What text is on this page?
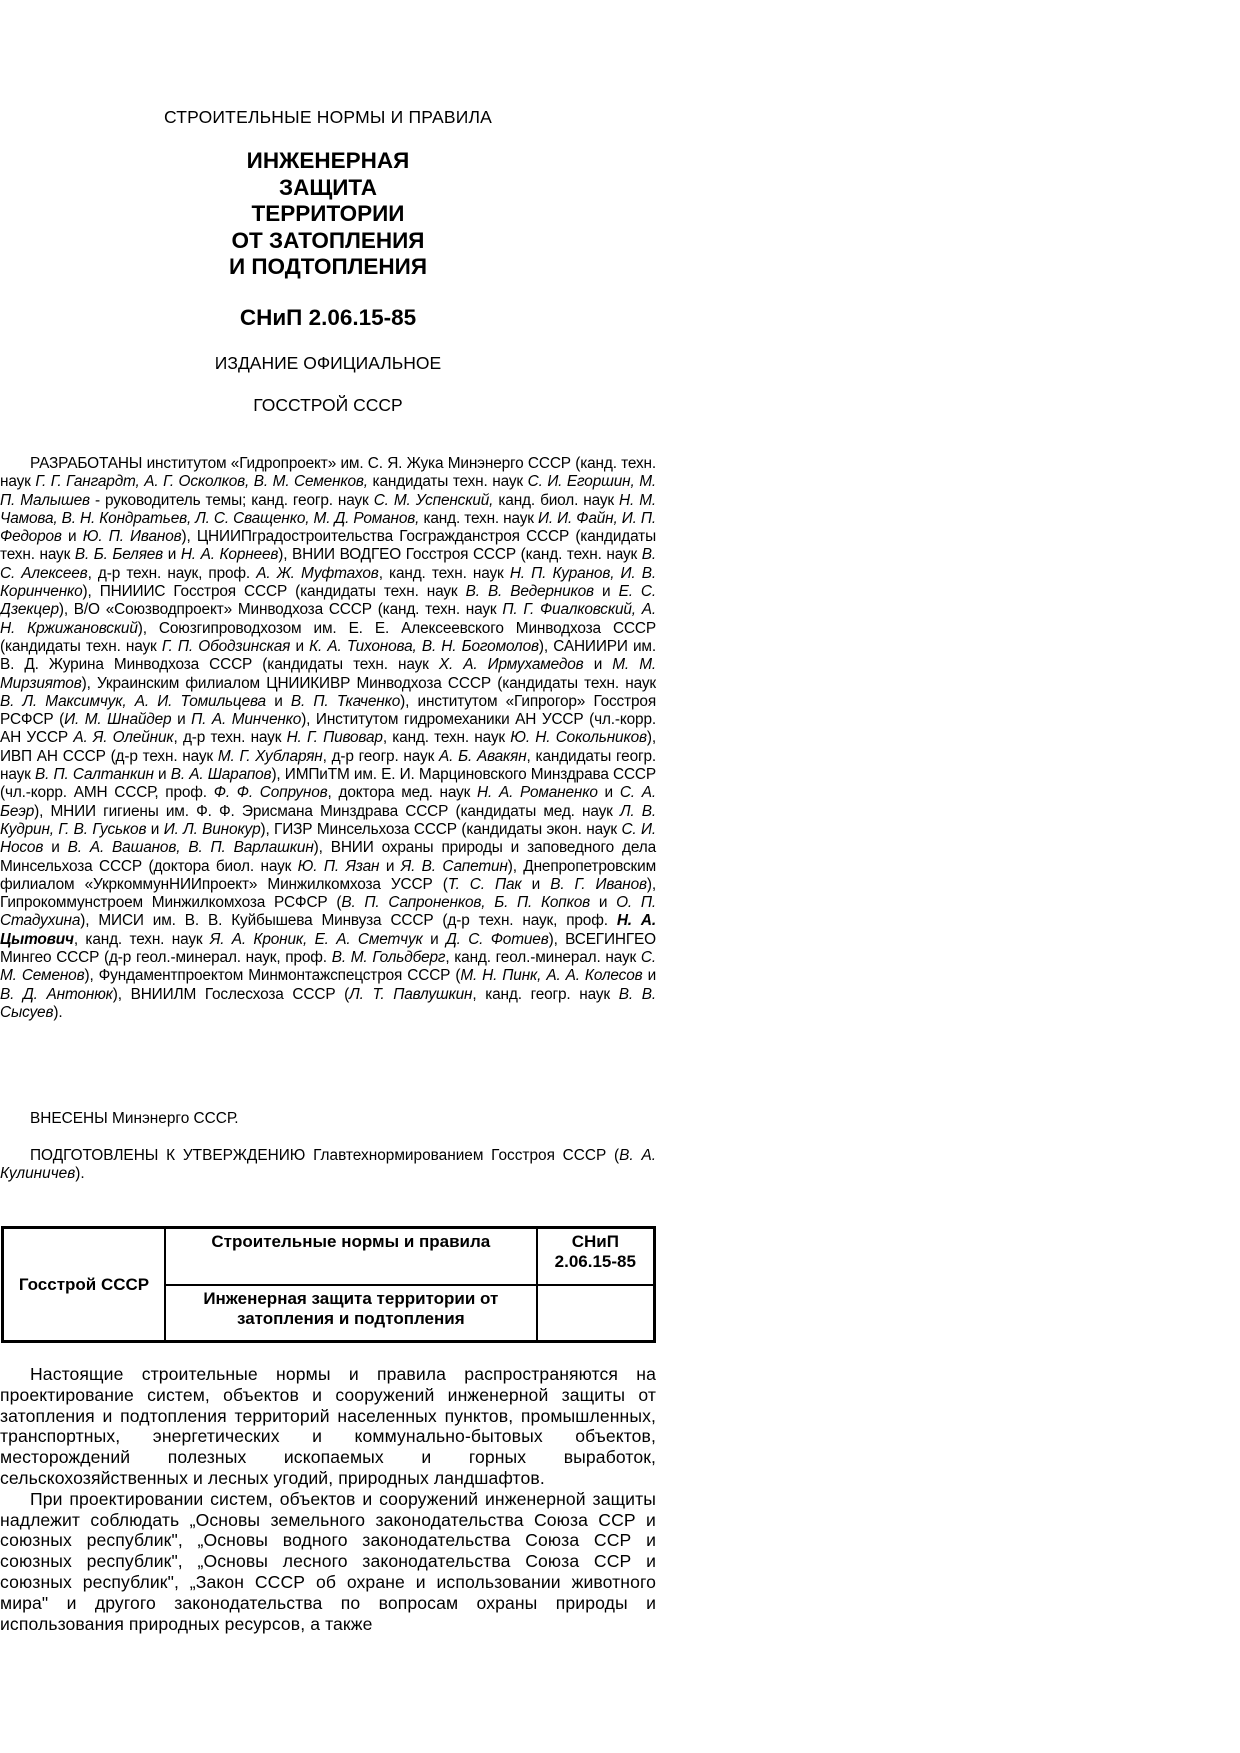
СТРОИТЕЛЬНЫЕ НОРМЫ И ПРАВИЛА
ИНЖЕНЕРНАЯ
ЗАЩИТА
ТЕРРИТОРИИ
ОТ ЗАТОПЛЕНИЯ
И ПОДТОПЛЕНИЯ
СНиП 2.06.15-85
ИЗДАНИЕ ОФИЦИАЛЬНОЕ
ГОССТРОЙ СССР

РАЗРАБОТАНЫ институтом «Гидропроект» им. С. Я. Жука Минэнерго СССР (канд. техн. наук Г. Г. Гангардт, А. Г. Осколков, В. М. Семенков, кандидаты техн. наук С. И. Егоршин, М. П. Малышев - руководитель темы; канд. геогр. наук С. М. Успенский, канд. биол. наук Н. М. Чамова, В. Н. Кондратьев, Л. С. Сващенко, М. Д. Романов, канд. техн. наук И. И. Файн, И. П. Федоров и Ю. П. Иванов), ЦНИИПградостроительства Госгражданстроя СССР (кандидаты техн. наук В. Б. Беляев и Н. А. Корнеев), ВНИИ ВОДГЕО Госстроя СССР (канд. техн. наук В. С. Алексеев, д-р техн. наук, проф. А. Ж. Муфтахов, канд. техн. наук Н. П. Куранов, И. В. Коринченко), ПНИИИС Госстроя СССР (кандидаты техн. наук В. В. Ведерников и Е. С. Дзекцер), В/О «Союзводпроект» Минводхоза СССР (канд. техн. наук П. Г. Фиалковский, А. Н. Кржижановский), Союзгипроводхозом им. Е. Е. Алексеевского Минводхоза СССР (кандидаты техн. наук Г. П. Ободзинская и К. А. Тихонова, В. Н. Богомолов), САНИИРИ им. В. Д. Журина Минводхоза СССР (кандидаты техн. наук Х. А. Ирмухамедов и М. М. Мирзиятов), Украинским филиалом ЦНИИКИВР Минводхоза СССР (кандидаты техн. наук В. Л. Максимчук, А. И. Томильцева и В. П. Ткаченко), институтом «Гипрогор» Госстроя РСФСР (И. М. Шнайдер и П. А. Минченко), Институтом гидромеханики АН УССР (чл.-корр. АН УССР А. Я. Олейник, д-р техн. наук Н. Г. Пивовар, канд. техн. наук Ю. Н. Сокольников), ИВП АН СССР (д-р техн. наук М. Г. Хубларян, д-р геогр. наук А. Б. Авакян, кандидаты геогр. наук В. П. Салтанкин и В. А. Шарапов), ИМПиТМ им. Е. И. Марциновского Минздрава СССР (чл.-корр. АМН СССР, проф. Ф. Ф. Сопрунов, доктора мед. наук Н. А. Романенко и С. А. Беэр), МНИИ гигиены им. Ф. Ф. Эрисмана Минздрава СССР (кандидаты мед. наук Л. В. Кудрин, Г. В. Гуськов и И. Л. Винокур), ГИЗР Минсельхоза СССР (кандидаты экон. наук С. И. Носов и В. А. Вашанов, В. П. Варлашкин), ВНИИ охраны природы и заповедного дела Минсельхоза СССР (доктора биол. наук Ю. П. Язан и Я. В. Сапетин), Днепропетровским филиалом «УкркоммунНИИпроект» Минжилкомхоза УССР (Т. С. Пак и В. Г. Иванов), Гипрокоммунстроем Минжилкомхоза РСФСР (В. П. Сапроненков, Б. П. Копков и О. П. Стадухина), МИСИ им. В. В. Куйбышева Минвуза СССР (д-р техн. наук, проф. Н. А. Цытович, канд. техн. наук Я. А. Кроник, Е. А. Сметчук и Д. С. Фотиев), ВСЕГИНГЕО Мингео СССР (д-р геол.-минерал. наук, проф. В. М. Гольдберг, канд. геол.-минерал. наук С. М. Семенов), Фундаментпроектом Минмонтажспецстроя СССР (М. Н. Пинк, А. А. Колесов и В. Д. Антонюк), ВНИИЛМ Гослесхоза СССР (Л. Т. Павлушкин, канд. геогр. наук В. В. Сысуев).

ВНЕСЕНЫ Минэнерго СССР.

ПОДГОТОВЛЕНЫ К УТВЕРЖДЕНИЮ Главтехнормированием Госстроя СССР (В. А. Кулиничев).

Госстрой СССР	Строительные нормы и правила	СНиП 2.06.15-85
	Инженерная защита территории от затопления и подтопления	

Настоящие строительные нормы и правила распространяются на проектирование систем, объектов и сооружений инженерной защиты от затопления и подтопления территорий населенных пунктов, промышленных, транспортных, энергетических и коммунально-бытовых объектов, месторождений полезных ископаемых и горных выработок, сельскохозяйственных и лесных угодий, природных ландшафтов.

При проектировании систем, объектов и сооружений инженерной защиты надлежит соблюдать „Основы земельного законодательства Союза ССР и союзных республик", „Основы водного законодательства Союза ССР и союзных республик", „Основы лесного законодательства Союза ССР и союзных республик", „Закон СССР об охране и использовании животного мира" и другого законодательства по вопросам охраны природы и использования природных ресурсов, а также
